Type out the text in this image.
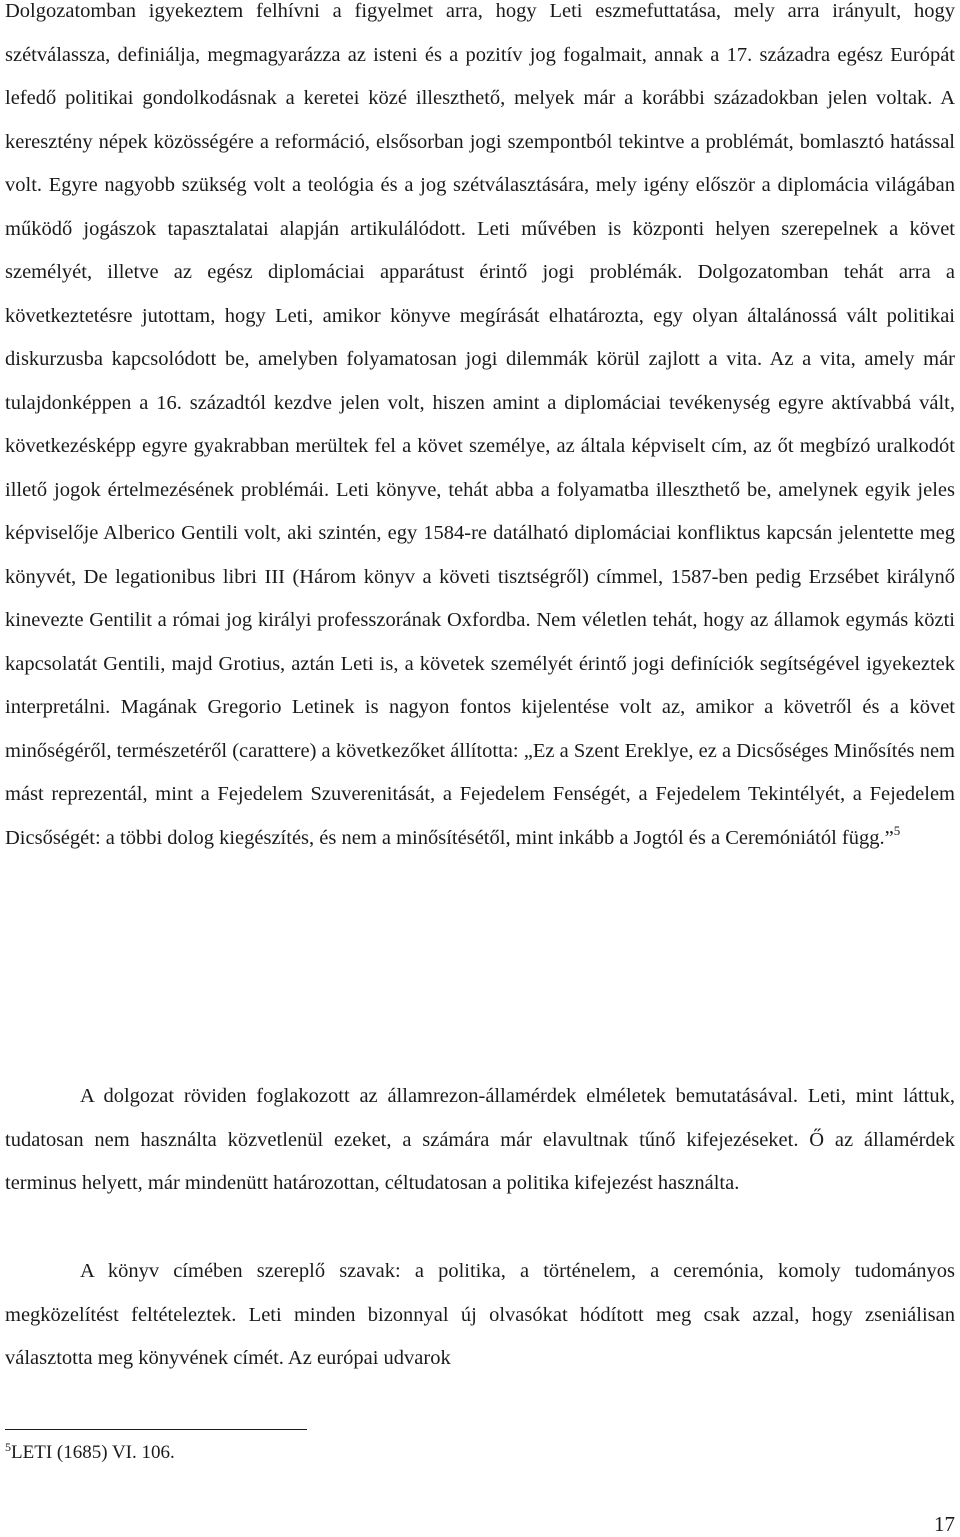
Dolgozatomban igyekeztem felhívni a figyelmet arra, hogy Leti eszmefuttatása, mely arra irányult, hogy szétválassza, definiálja, megmagyarázza az isteni és a pozitív jog fogalmait, annak a 17. századra egész Európát lefedő politikai gondolkodásnak a keretei közé illeszthető, melyek már a korábbi századokban jelen voltak. A keresztény népek közösségére a reformáció, elsősorban jogi szempontból tekintve a problémát, bomlasztó hatással volt. Egyre nagyobb szükség volt a teológia és a jog szétválasztására, mely igény először a diplomácia világában működő jogászok tapasztalatai alapján artikulálódott. Leti művében is központi helyen szerepelnek a követ személyét, illetve az egész diplomáciai apparátust érintő jogi problémák. Dolgozatomban tehát arra a következtetésre jutottam, hogy Leti, amikor könyve megírását elhatározta, egy olyan általánossá vált politikai diskurzusba kapcsolódott be, amelyben folyamatosan jogi dilemmák körül zajlott a vita. Az a vita, amely már tulajdonképpen a 16. századtól kezdve jelen volt, hiszen amint a diplomáciai tevékenység egyre aktívabbá vált, következésképp egyre gyakrabban merültek fel a követ személye, az általa képviselt cím, az őt megbízó uralkodót illető jogok értelmezésének problémái. Leti könyve, tehát abba a folyamatba illeszthető be, amelynek egyik jeles képviselője Alberico Gentili volt, aki szintén, egy 1584-re datálható diplomáciai konfliktus kapcsán jelentette meg könyvét, De legationibus libri III (Három könyv a követi tisztségről) címmel, 1587-ben pedig Erzsébet királynő kinevezte Gentilit a római jog királyi professzorának Oxfordba. Nem véletlen tehát, hogy az államok egymás közti kapcsolatát Gentili, majd Grotius, aztán Leti is, a követek személyét érintő jogi definíciók segítségével igyekeztek interpretálni. Magának Gregorio Letinek is nagyon fontos kijelentése volt az, amikor a követről és a követ minőségéről, természetéről (carattere) a következőket állította: „Ez a Szent Ereklye, ez a Dicsőséges Minősítés nem mást reprezentál, mint a Fejedelem Szuverenitását, a Fejedelem Fenségét, a Fejedelem Tekintélyét, a Fejedelem Dicsőségét: a többi dolog kiegészítés, és nem a minősítésétől, mint inkább a Jogtól és a Ceremóniától függ.”$^5$

A dolgozat röviden foglakozott az államrezon-államérdek elméletek bemutatásával. Leti, mint láttuk, tudatosan nem használta közvetlenül ezeket, a számára már elavultnak tűnő kifejezéseket. Ő az államérdek terminus helyett, már mindenütt határozottan, céltudatosan a politika kifejezést használta.

A könyv címében szereplő szavak: a politika, a történelem, a ceremónia, komoly tudományos megközelítést feltételeztek. Leti minden bizonnyal új olvasókat hódított meg csak azzal, hogy zseniálisan választotta meg könyvének címét. Az európai udvarok

$^5$LETI (1685) VI. 106.

17
